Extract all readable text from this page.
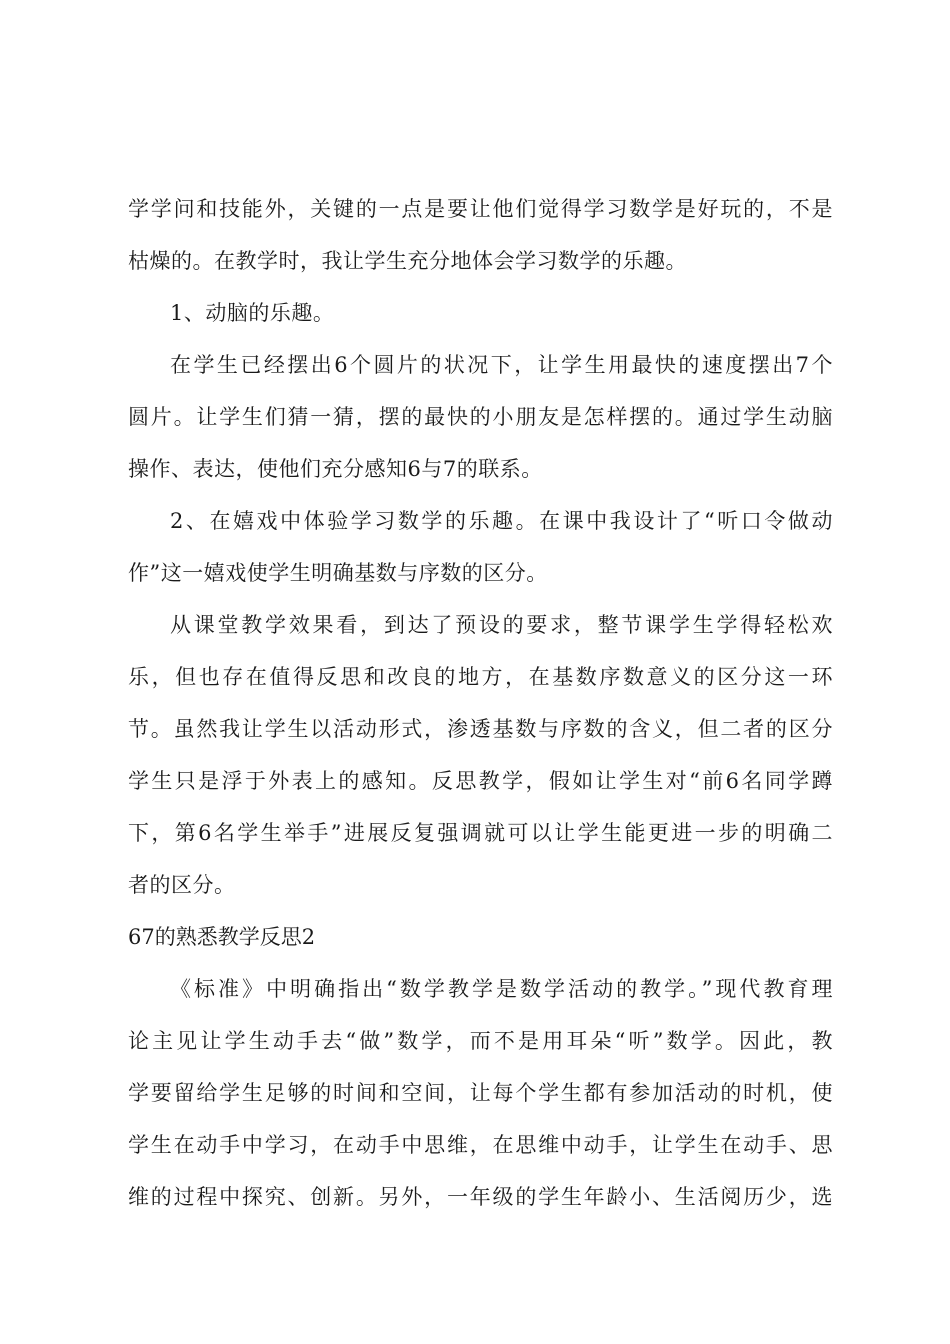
学学问和技能外，关键的一点是要让他们觉得学习数学是好玩的，不是
枯燥的。在教学时，我让学生充分地体会学习数学的乐趣。
1、动脑的乐趣。
在学生已经摆出6个圆片的状况下，让学生用最快的速度摆出7个
圆片。让学生们猜一猜，摆的最快的小朋友是怎样摆的。通过学生动脑
操作、表达，使他们充分感知6与7的联系。
2、在嬉戏中体验学习数学的乐趣。在课中我设计了“听口令做动
作”这一嬉戏使学生明确基数与序数的区分。
从课堂教学效果看，到达了预设的要求，整节课学生学得轻松欢
乐，但也存在值得反思和改良的地方，在基数序数意义的区分这一环
节。虽然我让学生以活动形式，渗透基数与序数的含义，但二者的区分
学生只是浮于外表上的感知。反思教学，假如让学生对“前6名同学蹲
下，第6名学生举手”进展反复强调就可以让学生能更进一步的明确二
者的区分。
67的熟悉教学反思2
《标准》中明确指出“数学教学是数学活动的教学。”现代教育理
论主见让学生动手去“做”数学，而不是用耳朵“听”数学。因此，教
学要留给学生足够的时间和空间，让每个学生都有参加活动的时机，使
学生在动手中学习，在动手中思维，在思维中动手，让学生在动手、思
维的过程中探究、创新。另外，一年级的学生年龄小、生活阅历少，选
